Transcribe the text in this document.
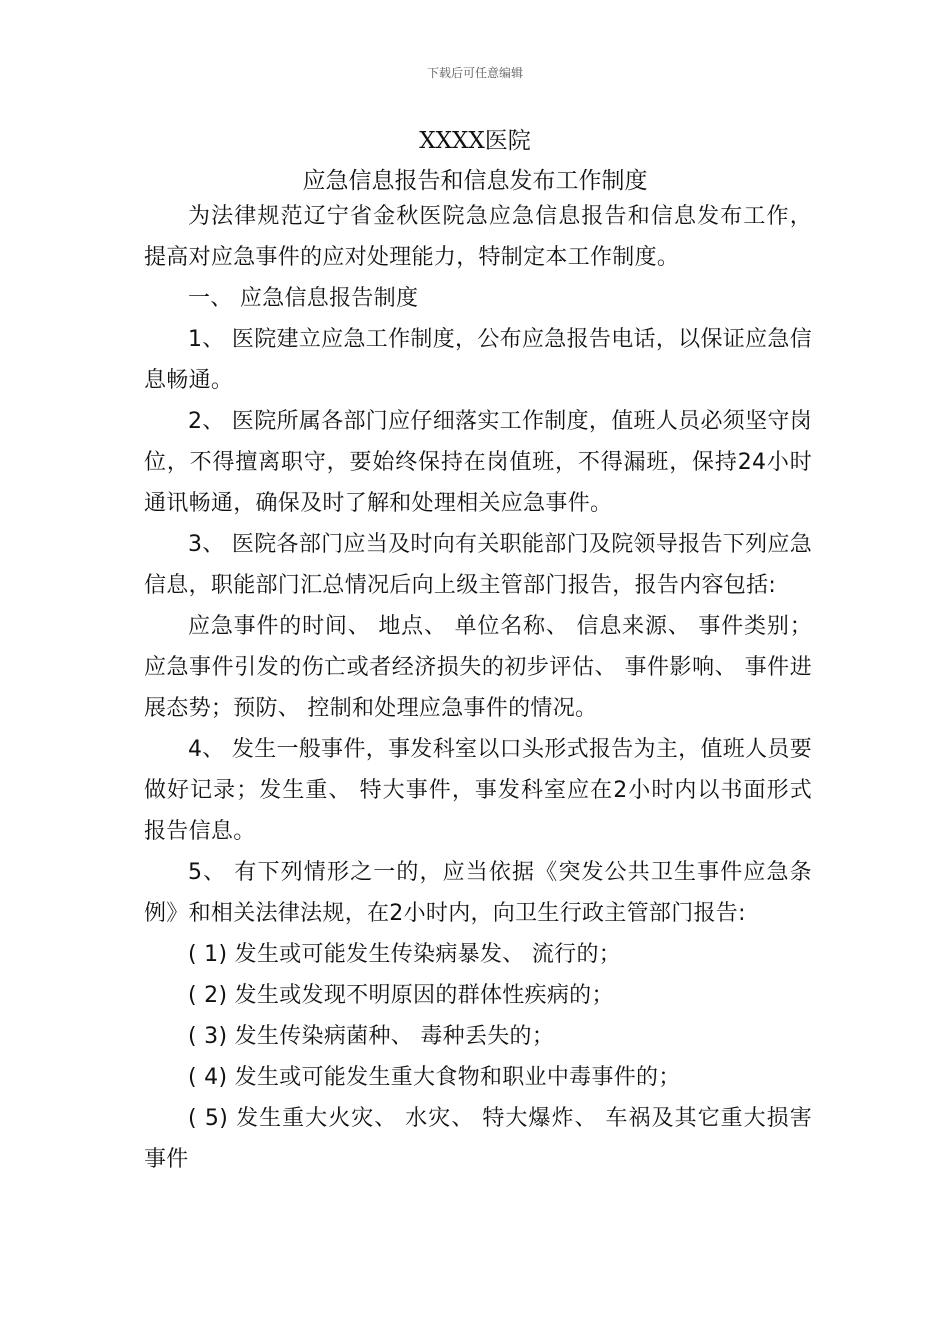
下载后可任意编辑
XXXX医院
应急信息报告和信息发布工作制度

为法律规范辽宁省金秋医院急应急信息报告和信息发布工作，提高对应急事件的应对处理能力，特制定本工作制度。

一、 应急信息报告制度

1、 医院建立应急工作制度，公布应急报告电话，以保证应急信息畅通。

2、 医院所属各部门应仔细落实工作制度，值班人员必须坚守岗位，不得擅离职守，要始终保持在岗值班，不得漏班，保持24小时通讯畅通，确保及时了解和处理相关应急事件。

3、 医院各部门应当及时向有关职能部门及院领导报告下列应急信息，职能部门汇总情况后向上级主管部门报告，报告内容包括:

应急事件的时间、 地点、 单位名称、 信息来源、 事件类别；应急事件引发的伤亡或者经济损失的初步评估、 事件影响、 事件进展态势；预防、 控制和处理应急事件的情况。

4、 发生一般事件，事发科室以口头形式报告为主，值班人员要做好记录；发生重、 特大事件，事发科室应在2小时内以书面形式报告信息。

5、 有下列情形之一的，应当依据《突发公共卫生事件应急条例》和相关法律法规，在2小时内，向卫生行政主管部门报告:

( 1) 发生或可能发生传染病暴发、 流行的；

( 2) 发生或发现不明原因的群体性疾病的；

( 3) 发生传染病菌种、 毒种丢失的；

( 4) 发生或可能发生重大食物和职业中毒事件的；

( 5) 发生重大火灾、 水灾、 特大爆炸、 车祸及其它重大损害事件
